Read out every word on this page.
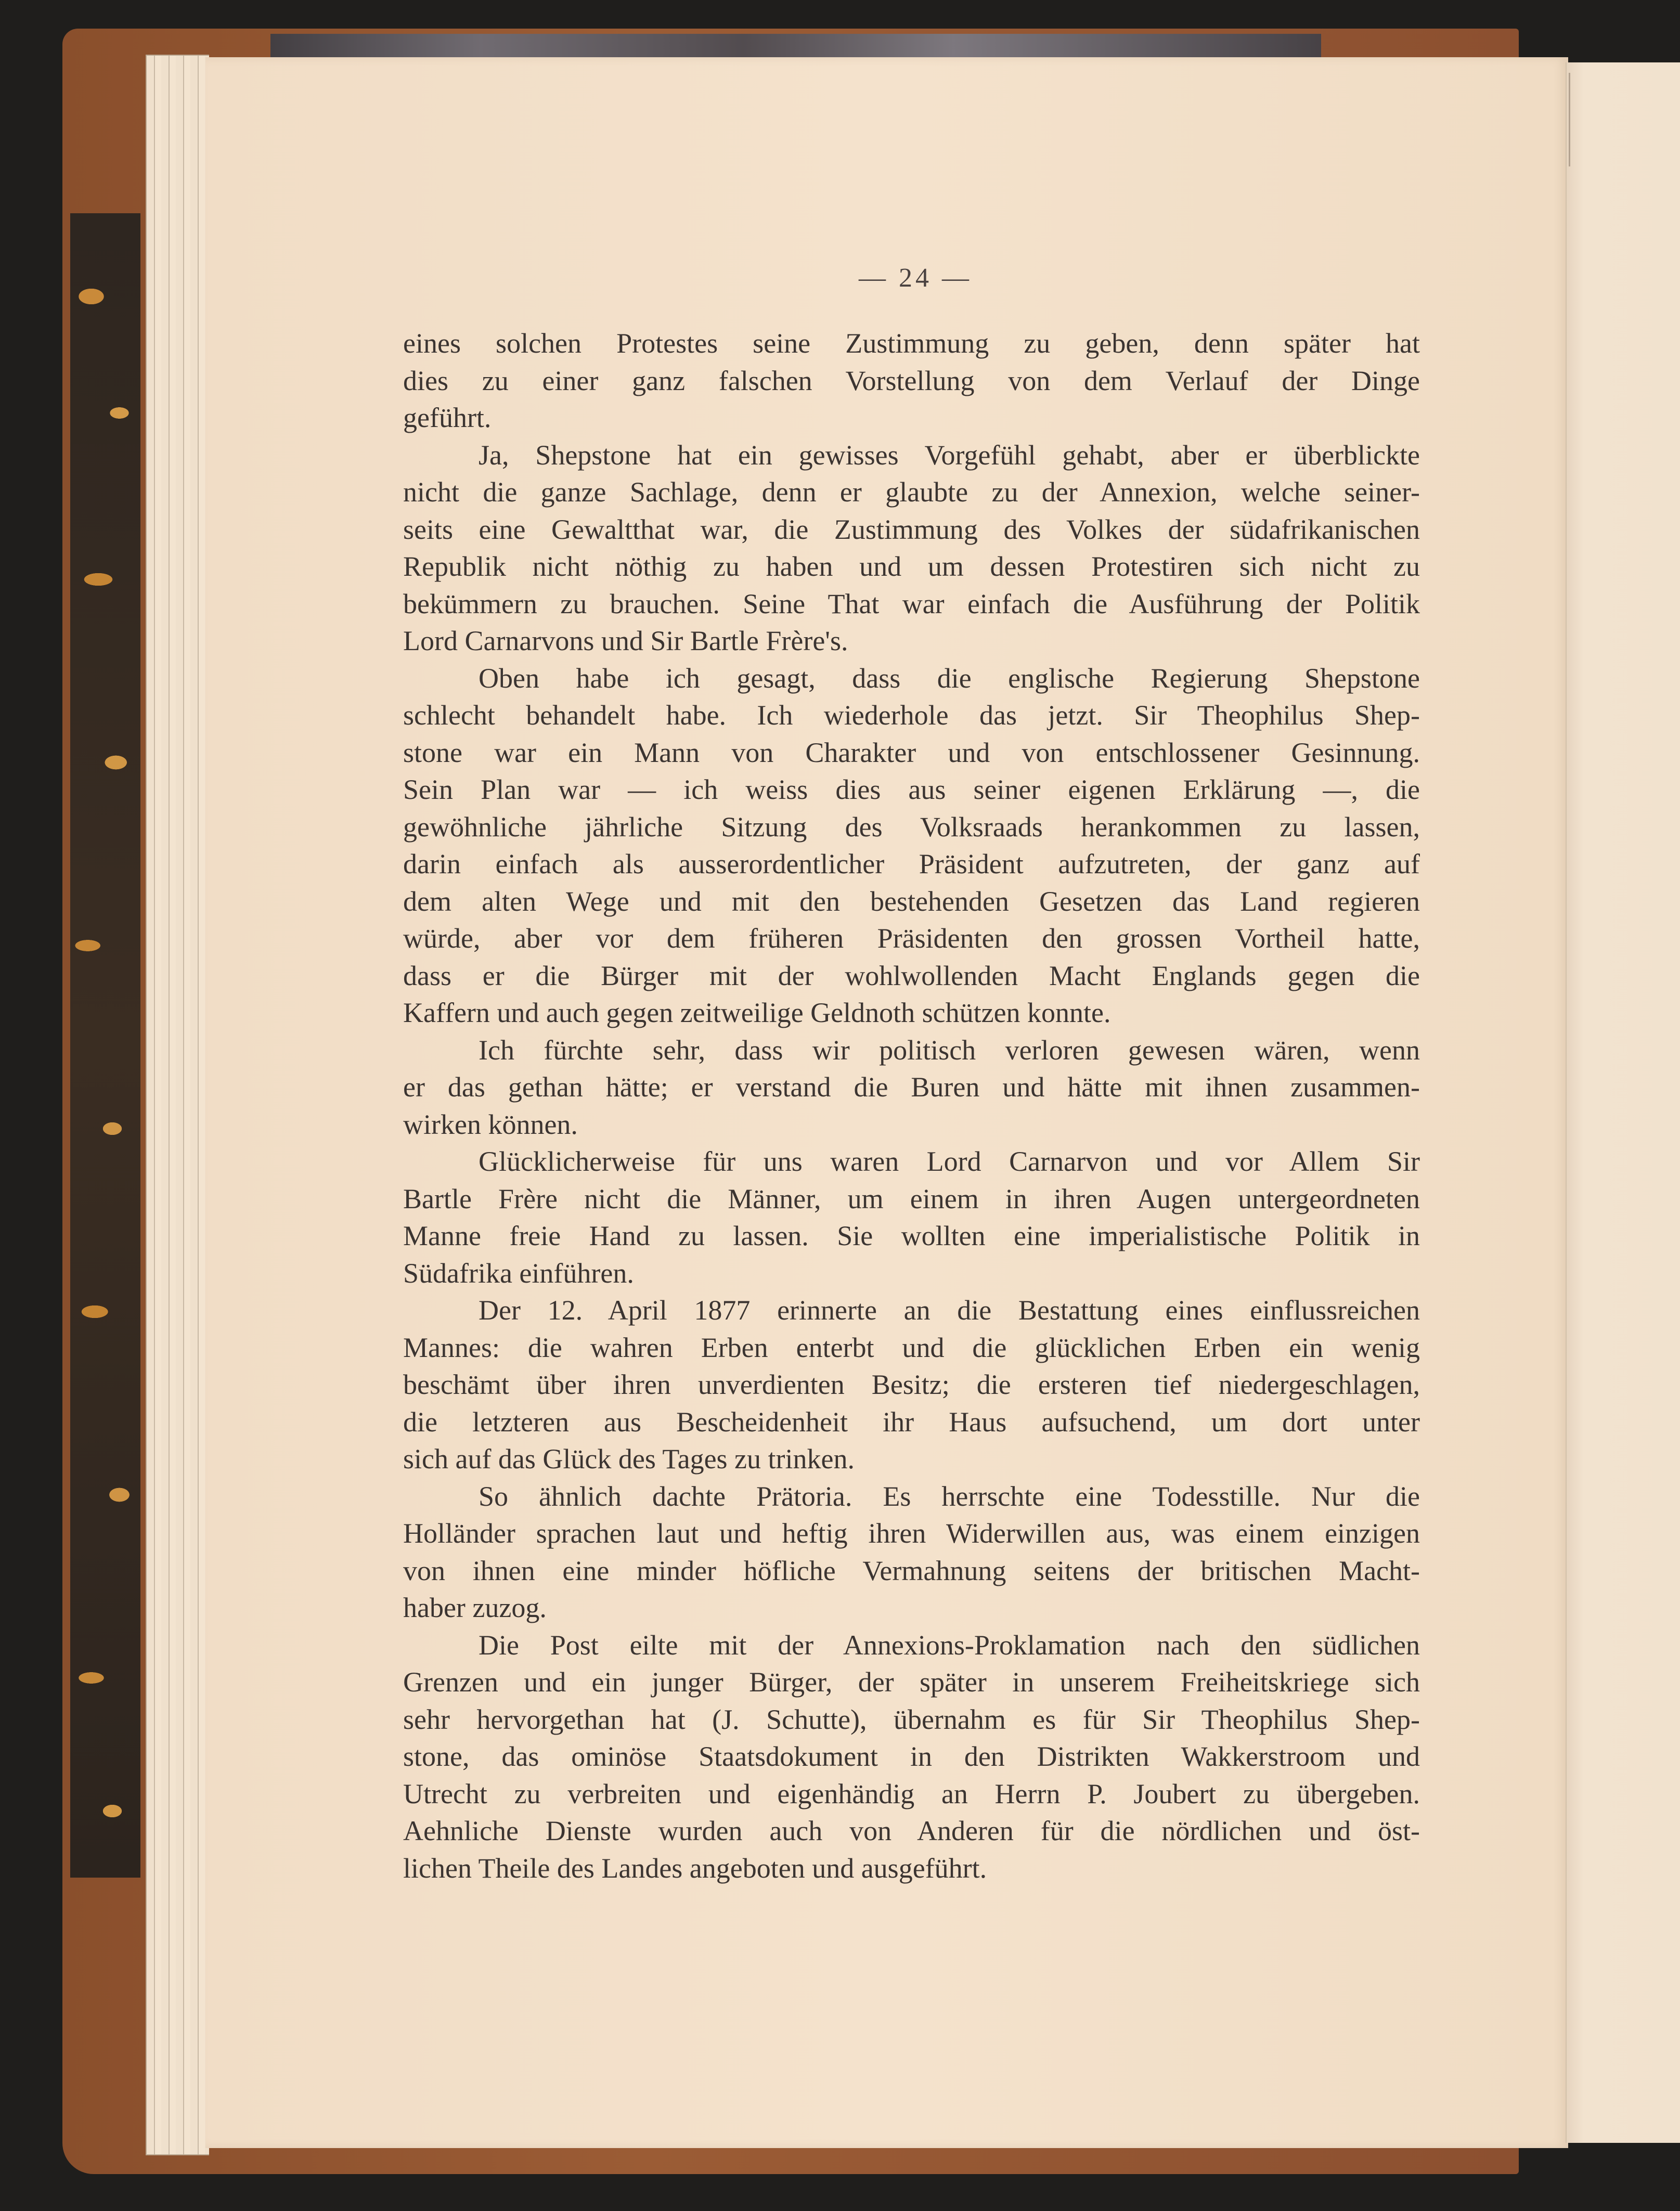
— 24 —

eines solchen Protestes seine Zustimmung zu geben, denn später hat
dies zu einer ganz falschen Vorstellung von dem Verlauf der Dinge
geführt.

Ja, Shepstone hat ein gewisses Vorgefühl gehabt, aber er überblickte
nicht die ganze Sachlage, denn er glaubte zu der Annexion, welche seiner-
seits eine Gewaltthat war, die Zustimmung des Volkes der südafrikanischen
Republik nicht nöthig zu haben und um dessen Protestiren sich nicht zu
bekümmern zu brauchen. Seine That war einfach die Ausführung der Politik
Lord Carnarvons und Sir Bartle Frère's.

Oben habe ich gesagt, dass die englische Regierung Shepstone
schlecht behandelt habe. Ich wiederhole das jetzt. Sir Theophilus Shep-
stone war ein Mann von Charakter und von entschlossener Gesinnung.
Sein Plan war — ich weiss dies aus seiner eigenen Erklärung —, die
gewöhnliche jährliche Sitzung des Volksraads herankommen zu lassen,
darin einfach als ausserordentlicher Präsident aufzutreten, der ganz auf
dem alten Wege und mit den bestehenden Gesetzen das Land regieren
würde, aber vor dem früheren Präsidenten den grossen Vortheil hatte,
dass er die Bürger mit der wohlwollenden Macht Englands gegen die
Kaffern und auch gegen zeitweilige Geldnoth schützen konnte.

Ich fürchte sehr, dass wir politisch verloren gewesen wären, wenn
er das gethan hätte; er verstand die Buren und hätte mit ihnen zusammen-
wirken können.

Glücklicherweise für uns waren Lord Carnarvon und vor Allem Sir
Bartle Frère nicht die Männer, um einem in ihren Augen untergeordneten
Manne freie Hand zu lassen. Sie wollten eine imperialistische Politik in
Südafrika einführen.

Der 12. April 1877 erinnerte an die Bestattung eines einflussreichen
Mannes: die wahren Erben enterbt und die glücklichen Erben ein wenig
beschämt über ihren unverdienten Besitz; die ersteren tief niedergeschlagen,
die letzteren aus Bescheidenheit ihr Haus aufsuchend, um dort unter
sich auf das Glück des Tages zu trinken.

So ähnlich dachte Prätoria. Es herrschte eine Todesstille. Nur die
Holländer sprachen laut und heftig ihren Widerwillen aus, was einem einzigen
von ihnen eine minder höfliche Vermahnung seitens der britischen Macht-
haber zuzog.

Die Post eilte mit der Annexions-Proklamation nach den südlichen
Grenzen und ein junger Bürger, der später in unserem Freiheitskriege sich
sehr hervorgethan hat (J. Schutte), übernahm es für Sir Theophilus Shep-
stone, das ominöse Staatsdokument in den Distrikten Wakkerstroom und
Utrecht zu verbreiten und eigenhändig an Herrn P. Joubert zu übergeben.
Aehnliche Dienste wurden auch von Anderen für die nördlichen und öst-
lichen Theile des Landes angeboten und ausgeführt.
